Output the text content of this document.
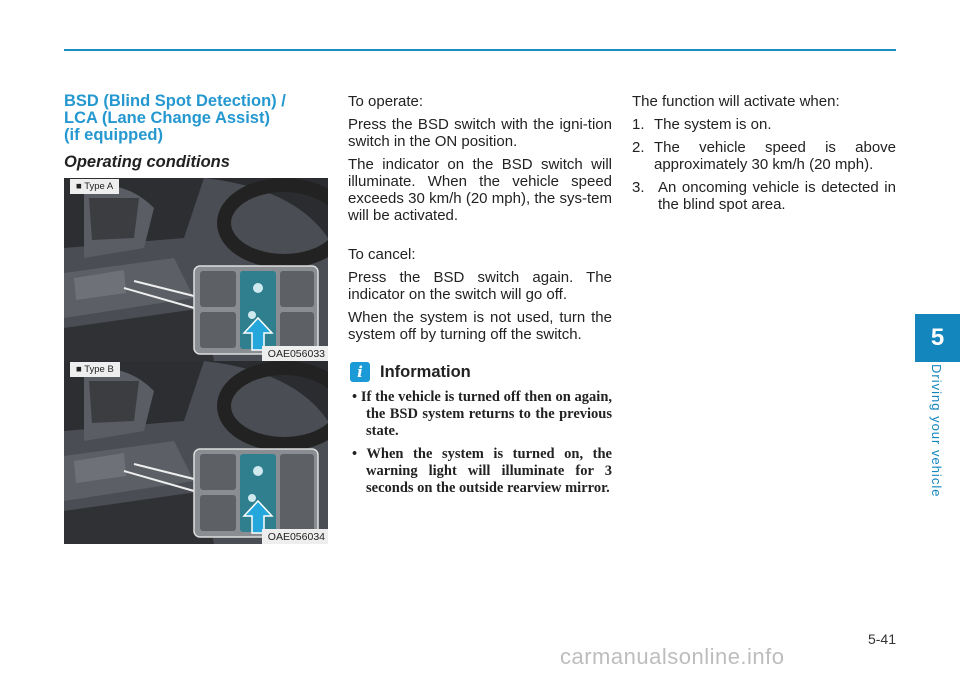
BSD (Blind Spot Detection) /
LCA (Lane Change Assist)
(if equipped)
Operating conditions
■ Type A
OAE056033
■ Type B
OAE056034

To operate:

Press the BSD switch with the igni-tion switch in the ON position.

The indicator on the BSD switch will illuminate. When the vehicle speed exceeds 30 km/h (20 mph), the sys-tem will be activated.

To cancel:

Press the BSD switch again. The indicator on the switch will go off.

When the system is not used, turn the system off by turning off the switch.

i	Information
• If the vehicle is turned off then on again, the BSD system returns to the previous state.
• When the system is turned on, the warning light will illuminate for 3 seconds on the outside rearview mirror.
The function will activate when:
1. The system is on.
2. The vehicle speed is above approximately 30 km/h (20 mph).
3. An oncoming vehicle is detected in the blind spot area.
5
Driving your vehicle
5-41
carmanualsonline.info
